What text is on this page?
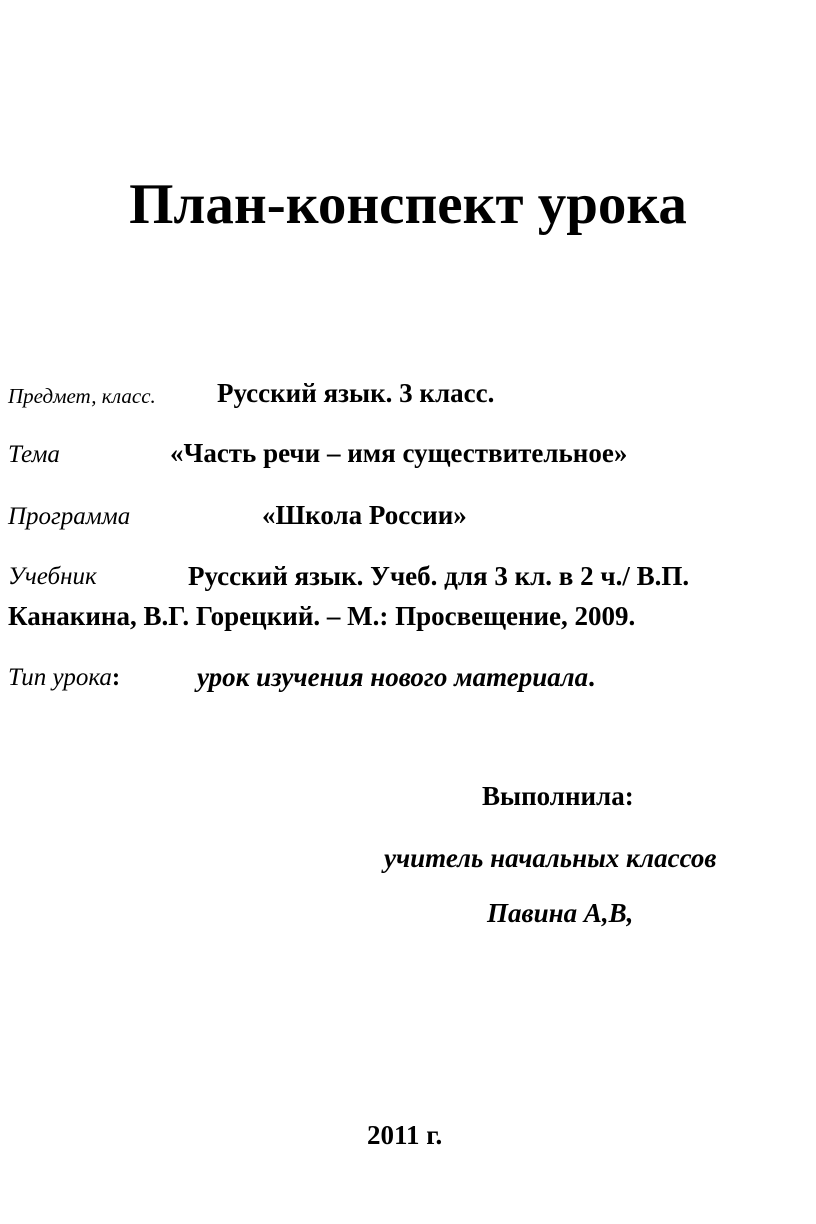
План-конспект урока
Предмет, класс. Русский язык. 3 класс.
Тема	«Часть речи – имя существительное»
Программа	«Школа России»
Учебник	Русский язык. Учеб. для 3 кл. в 2 ч./ В.П.
Канакина, В.Г. Горецкий. – М.: Просвещение, 2009.
Тип урока:	урок изучения нового материала.
Выполнила:
учитель начальных классов
Павина А,В,
2011 г.
